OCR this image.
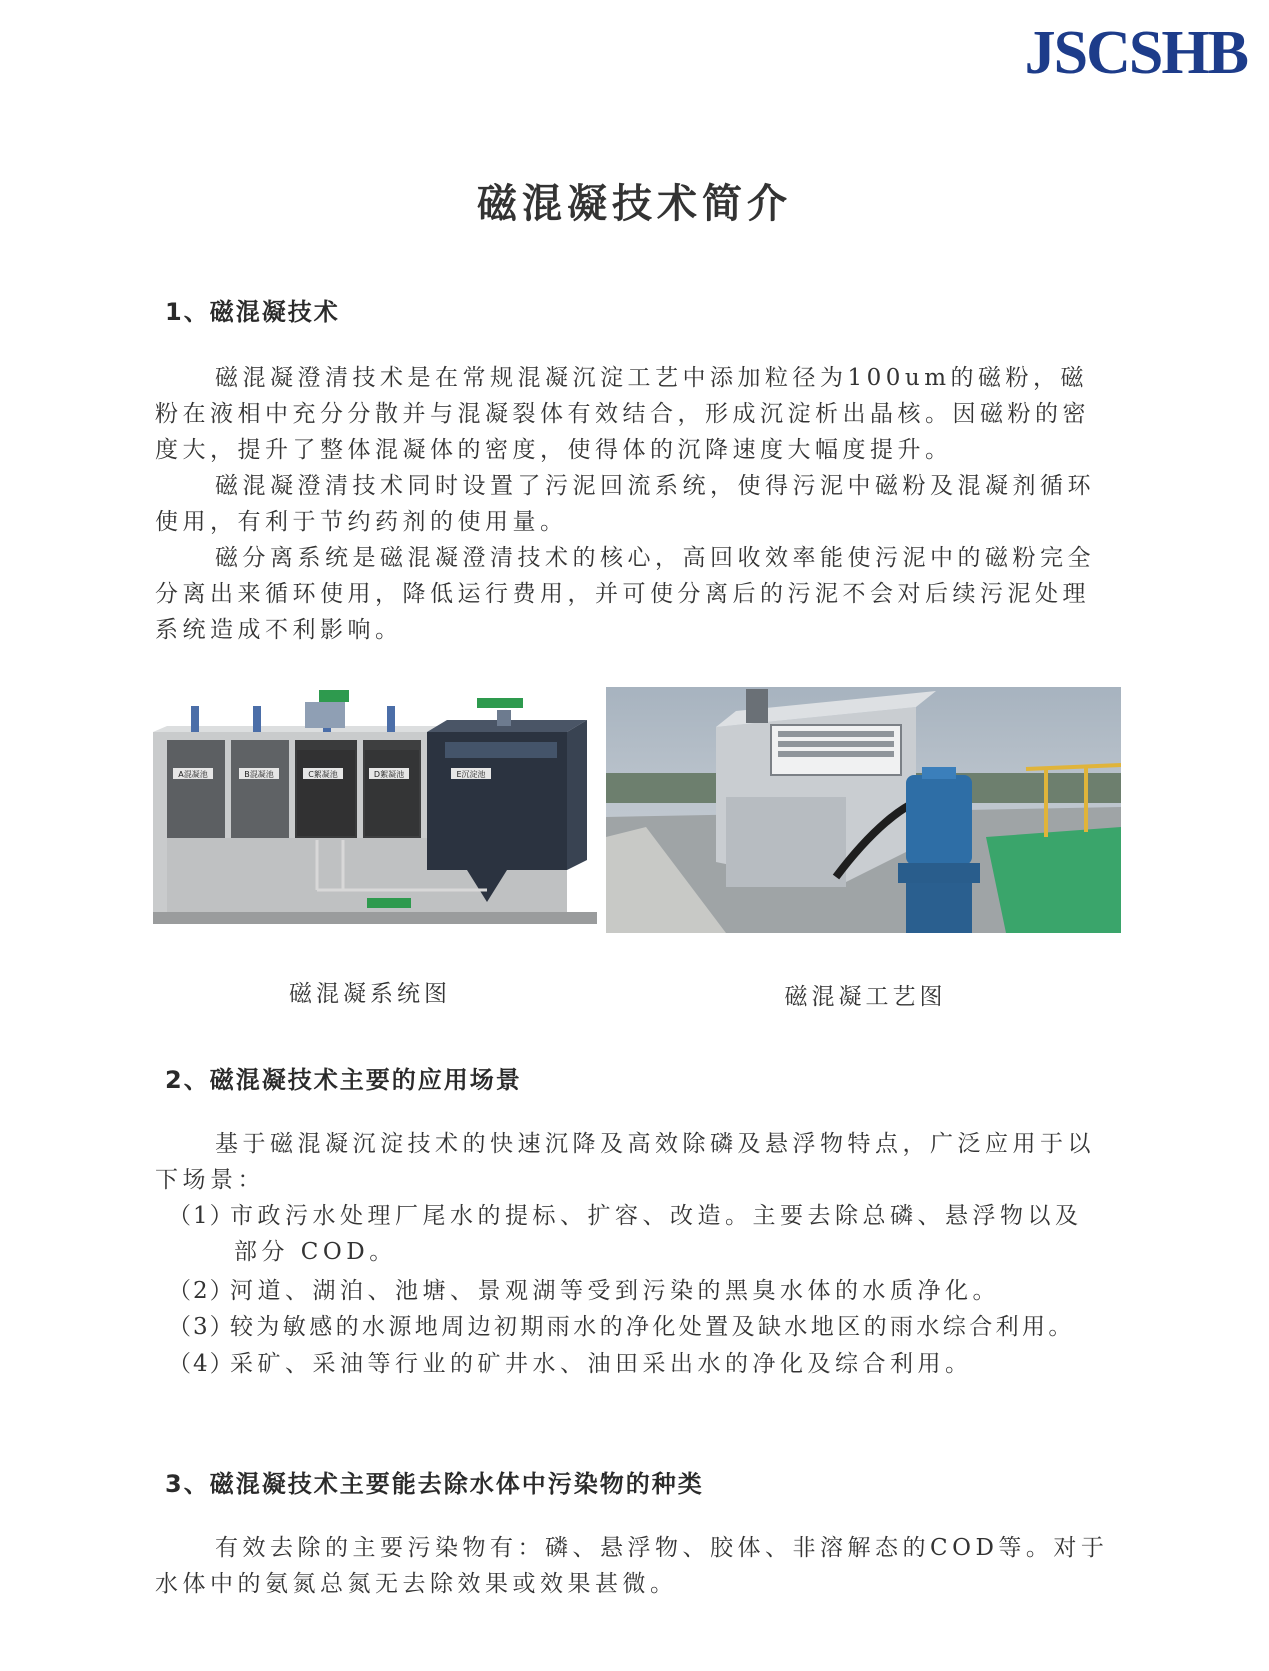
JSCSHB
磁混凝技术简介
1、磁混凝技术

磁混凝澄清技术是在常规混凝沉淀工艺中添加粒径为100um的磁粉，磁粉在液相中充分分散并与混凝裂体有效结合，形成沉淀析出晶核。因磁粉的密度大，提升了整体混凝体的密度，使得体的沉降速度大幅度提升。

磁混凝澄清技术同时设置了污泥回流系统，使得污泥中磁粉及混凝剂循环使用，有利于节约药剂的使用量。

磁分离系统是磁混凝澄清技术的核心，高回收效率能使污泥中的磁粉完全分离出来循环使用，降低运行费用，并可使分离后的污泥不会对后续污泥处理系统造成不利影响。

A混凝池	B混凝池	C絮凝池	D絮凝池	E沉淀池
磁混凝系统图	磁混凝工艺图
2、磁混凝技术主要的应用场景

基于磁混凝沉淀技术的快速沉降及高效除磷及悬浮物特点，广泛应用于以下场景：

（1）市政污水处理厂尾水的提标、扩容、改造。主要去除总磷、悬浮物以及
部分 COD。
（2）河道、湖泊、池塘、景观湖等受到污染的黑臭水体的水质净化。
（3）较为敏感的水源地周边初期雨水的净化处置及缺水地区的雨水综合利用。
（4）采矿、采油等行业的矿井水、油田采出水的净化及综合利用。
3、磁混凝技术主要能去除水体中污染物的种类

有效去除的主要污染物有：磷、悬浮物、胶体、非溶解态的COD等。对于水体中的氨氮总氮无去除效果或效果甚微。
